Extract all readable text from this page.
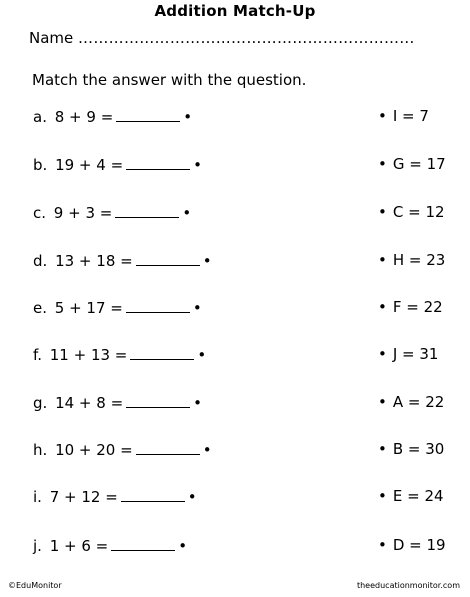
Addition Match-Up
Name ………………………………………………………...
Match the answer with the question.
a.
8 + 9 =	•
b.
19 + 4 =	•
c.
9 + 3 =	•
d.
13 + 18 =	•
e.
5 + 17 =	•
f.
11 + 13 =	•
g.
14 + 8 =	•
h.
10 + 20 =	•
i.
7 + 12 =	•
j.
1 + 6 =	•
• I = 7
• G = 17
• C = 12
• H = 23
• F = 22
• J = 31
• A = 22
• B = 30
• E = 24
• D = 19
©EduMonitor	theeducationmonitor.com
